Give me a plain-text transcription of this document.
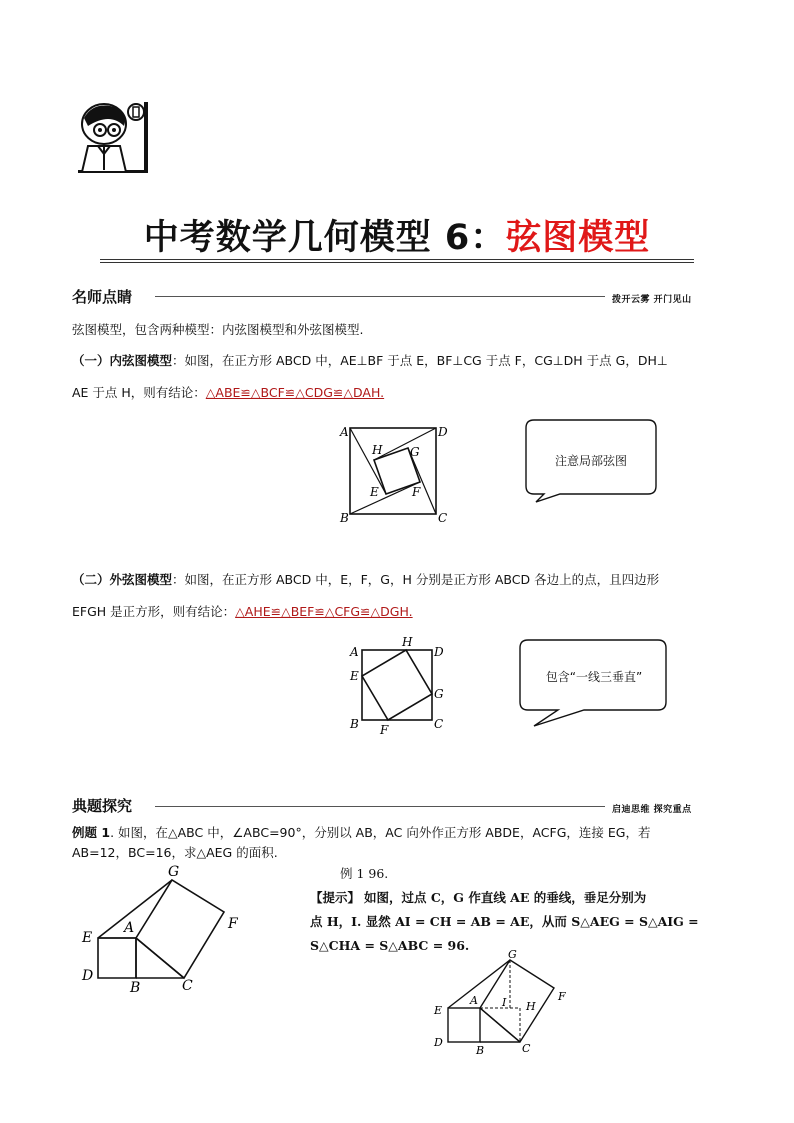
中考数学几何模型 6：弦图模型
名师点睛	拨开云雾 开门见山
弦图模型，包含两种模型：内弦图模型和外弦图模型.
（一）内弦图模型：如图，在正方形 ABCD 中，AE⊥BF 于点 E，BF⊥CG 于点 F，CG⊥DH 于点 G，DH⊥
AE 于点 H，则有结论：△ABE≌△BCF≌△CDG≌△DAH.
A	D
B	C
H G
E	F
注意局部弦图
（二）外弦图模型：如图，在正方形 ABCD 中，E，F，G，H 分别是正方形 ABCD 各边上的点，且四边形
EFGH 是正方形，则有结论：△AHE≌△BEF≌△CFG≌△DGH.
A
H
D
E
G
B	C
F
包含“一线三垂直”
典题探究	启迪思维 探究重点
例题 1. 如图，在△ABC 中，∠ABC=90°，分别以 AB，AC 向外作正方形 ABDE，ACFG，连接 EG，若
AB=12，BC=16，求△AEG 的面积.
G
F
A
E
D
B	C
例 1 96.
【提示】 如图，过点 C，G 作直线 AE 的垂线，垂足分别为
点 H，I. 显然 AI = CH = AB = AE，从而 S△AEG = S△AIG =
S△CHA = S△ABC = 96.
G
F
A I H
E
D
B	C
